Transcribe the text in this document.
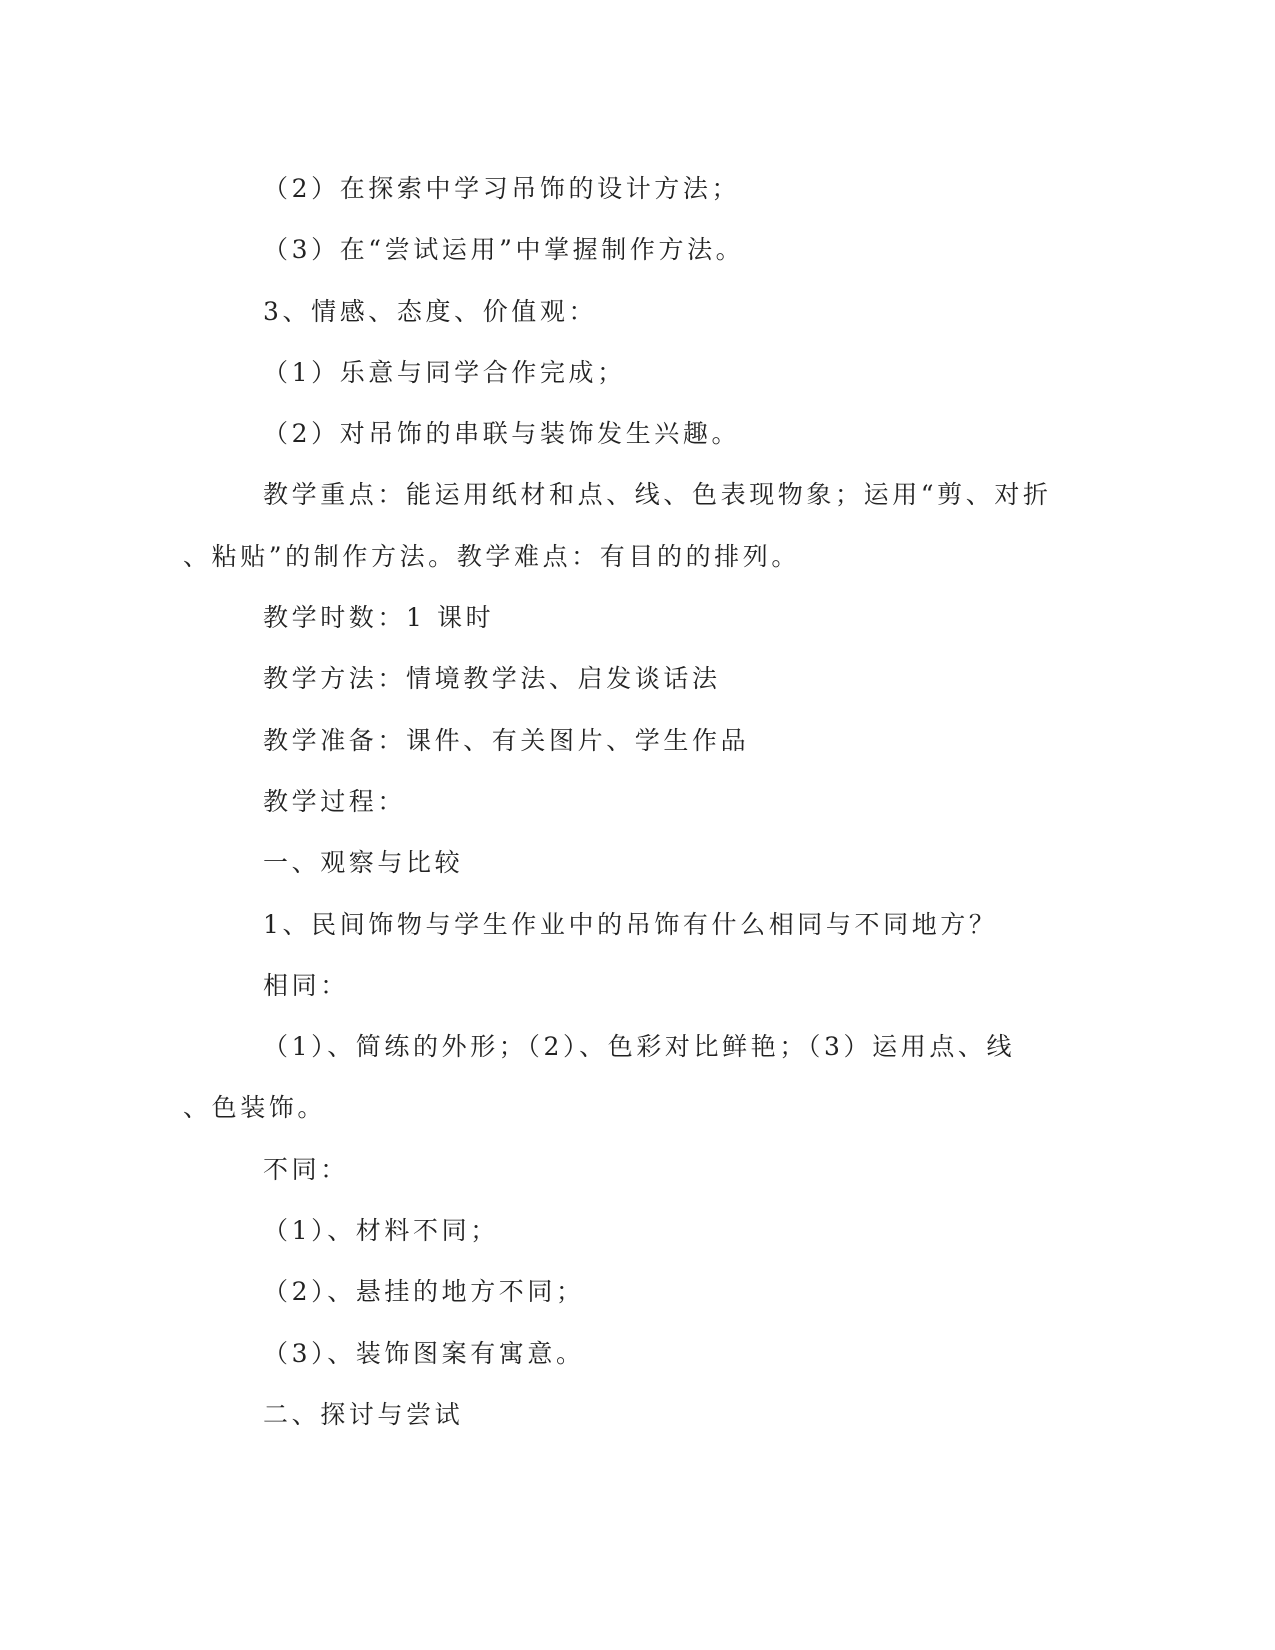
（2）在探索中学习吊饰的设计方法；
（3）在“尝试运用”中掌握制作方法。
3、情感、态度、价值观：
（1）乐意与同学合作完成；
（2）对吊饰的串联与装饰发生兴趣。
教学重点：能运用纸材和点、线、色表现物象；运用“剪、对折
、粘贴”的制作方法。教学难点：有目的的排列。
教学时数：1 课时
教学方法：情境教学法、启发谈话法
教学准备：课件、有关图片、学生作品
教学过程：
一、观察与比较
1、民间饰物与学生作业中的吊饰有什么相同与不同地方？
相同：
（1）、简练的外形；（2）、色彩对比鲜艳；（3）运用点、线
、色装饰。
不同：
（1）、材料不同；
（2）、悬挂的地方不同；
（3）、装饰图案有寓意。
二、探讨与尝试
